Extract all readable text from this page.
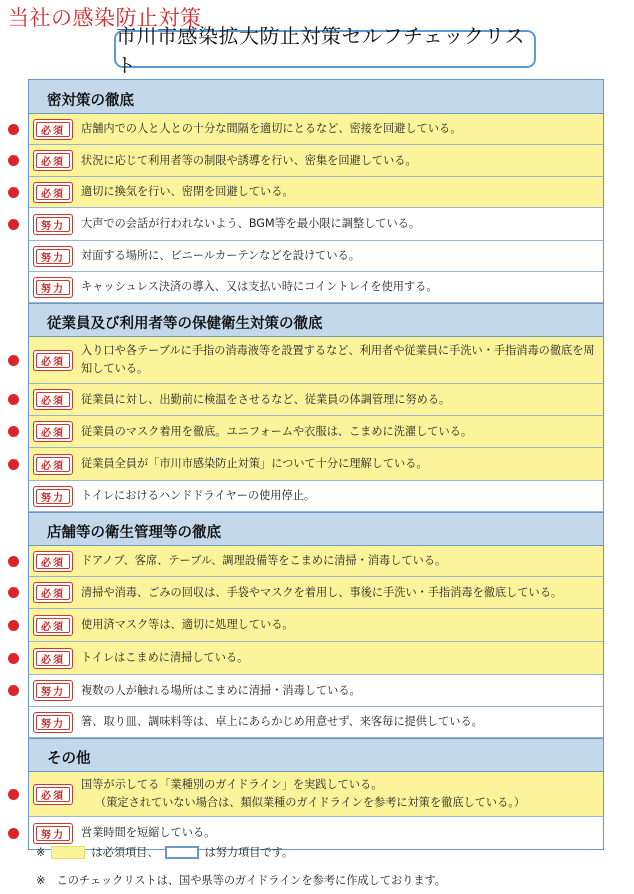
当社の感染防止対策
市川市感染拡大防止対策セルフチェックリスト
密対策の徹底
必須 店舗内での人と人との十分な間隔を適切にとるなど、密接を回避している。
必須 状況に応じて利用者等の制限や誘導を行い、密集を回避している。
必須 適切に換気を行い、密閉を回避している。
努力 大声での会話が行われないよう、BGM等を最小限に調整している。
努力 対面する場所に、ビニールカーテンなどを設けている。
努力 キャッシュレス決済の導入、又は支払い時にコイントレイを使用する。
従業員及び利用者等の保健衛生対策の徹底
必須
入り口や各テーブルに手指の消毒液等を設置するなど、利用者や従業員に手洗い・手指消毒の徹底を周知している。
必須 従業員に対し、出勤前に検温をさせるなど、従業員の体調管理に努める。
必須 従業員のマスク着用を徹底。ユニフォームや衣服は、こまめに洗濯している。
必須 従業員全員が「市川市感染防止対策」について十分に理解している。
努力 トイレにおけるハンドドライヤーの使用停止。
店舗等の衛生管理等の徹底
必須 ドアノブ、客席、テーブル、調理設備等をこまめに清掃・消毒している。
必須 清掃や消毒、ごみの回収は、手袋やマスクを着用し、事後に手洗い・手指消毒を徹底している。
必須 使用済マスク等は、適切に処理している。
必須 トイレはこまめに清掃している。
努力 複数の人が触れる場所はこまめに清掃・消毒している。
努力 箸、取り皿、調味料等は、卓上にあらかじめ用意せず、来客毎に提供している。
その他
必須
国等が示してる「業種別のガイドライン」を実践している。
（策定されていない場合は、類似業種のガイドラインを参考に対策を徹底している。）
努力 営業時間を短縮している。
※	は必須項目、	は努力項目です。
※　このチェックリストは、国や県等のガイドラインを参考に作成しております。
